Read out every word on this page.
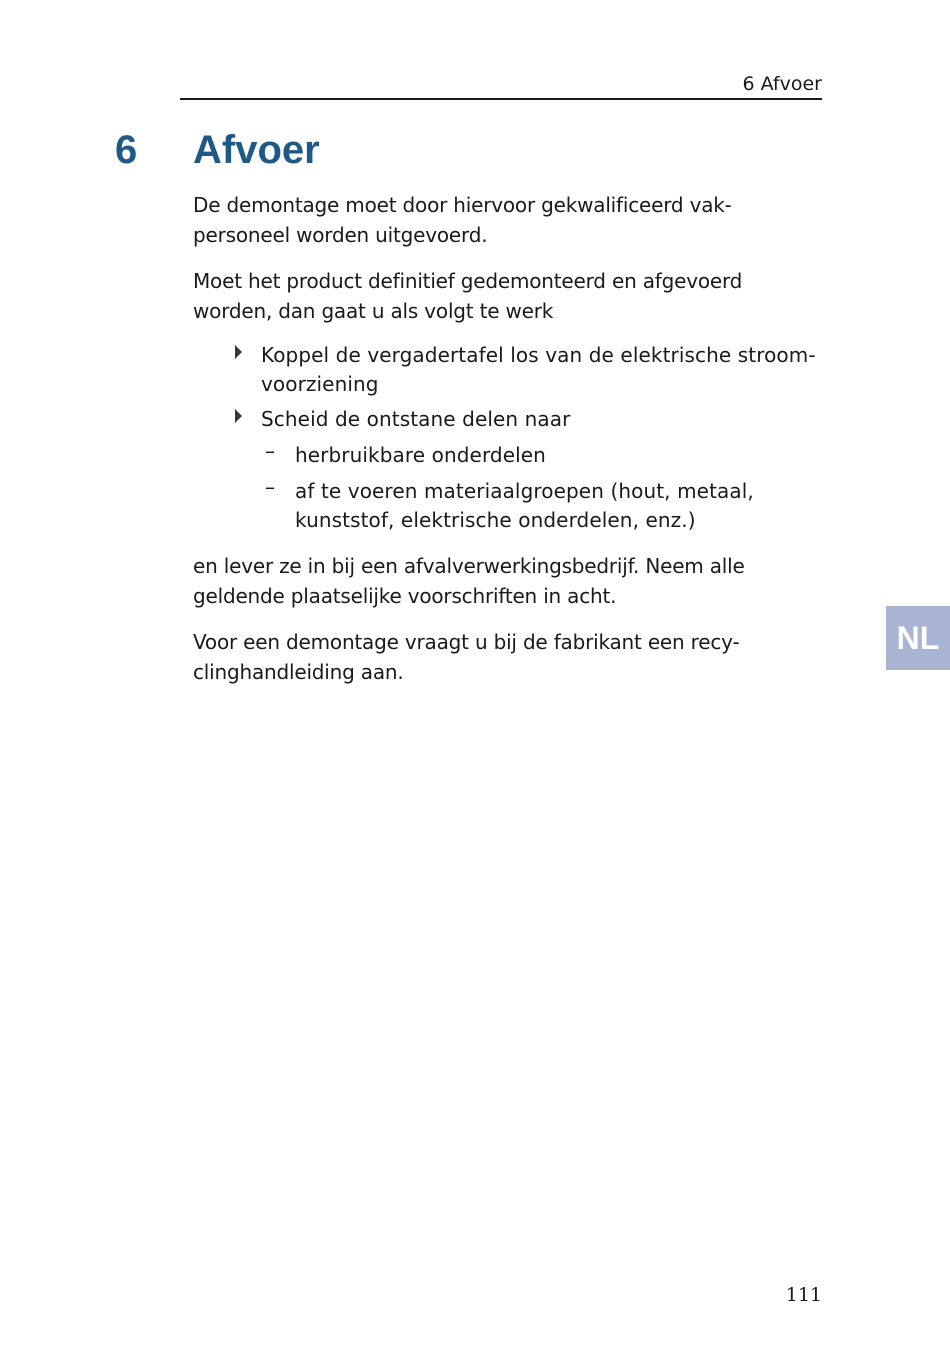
6 Afvoer
6 Afvoer
De demontage moet door hiervoor gekwalificeerd vak-
personeel worden uitgevoerd.
Moet het product definitief gedemonteerd en afgevoerd
worden, dan gaat u als volgt te werk
Koppel de vergadertafel los van de elektrische stroom-
voorziening
Scheid de ontstane delen naar
– herbruikbare onderdelen
– af te voeren materiaalgroepen (hout, metaal,
kunststof, elektrische onderdelen, enz.)
en lever ze in bij een afvalverwerkingsbedrijf. Neem alle
geldende plaatselijke voorschriften in acht.
Voor een demontage vraagt u bij de fabrikant een recy-
clinghandleiding aan.
NL
111
